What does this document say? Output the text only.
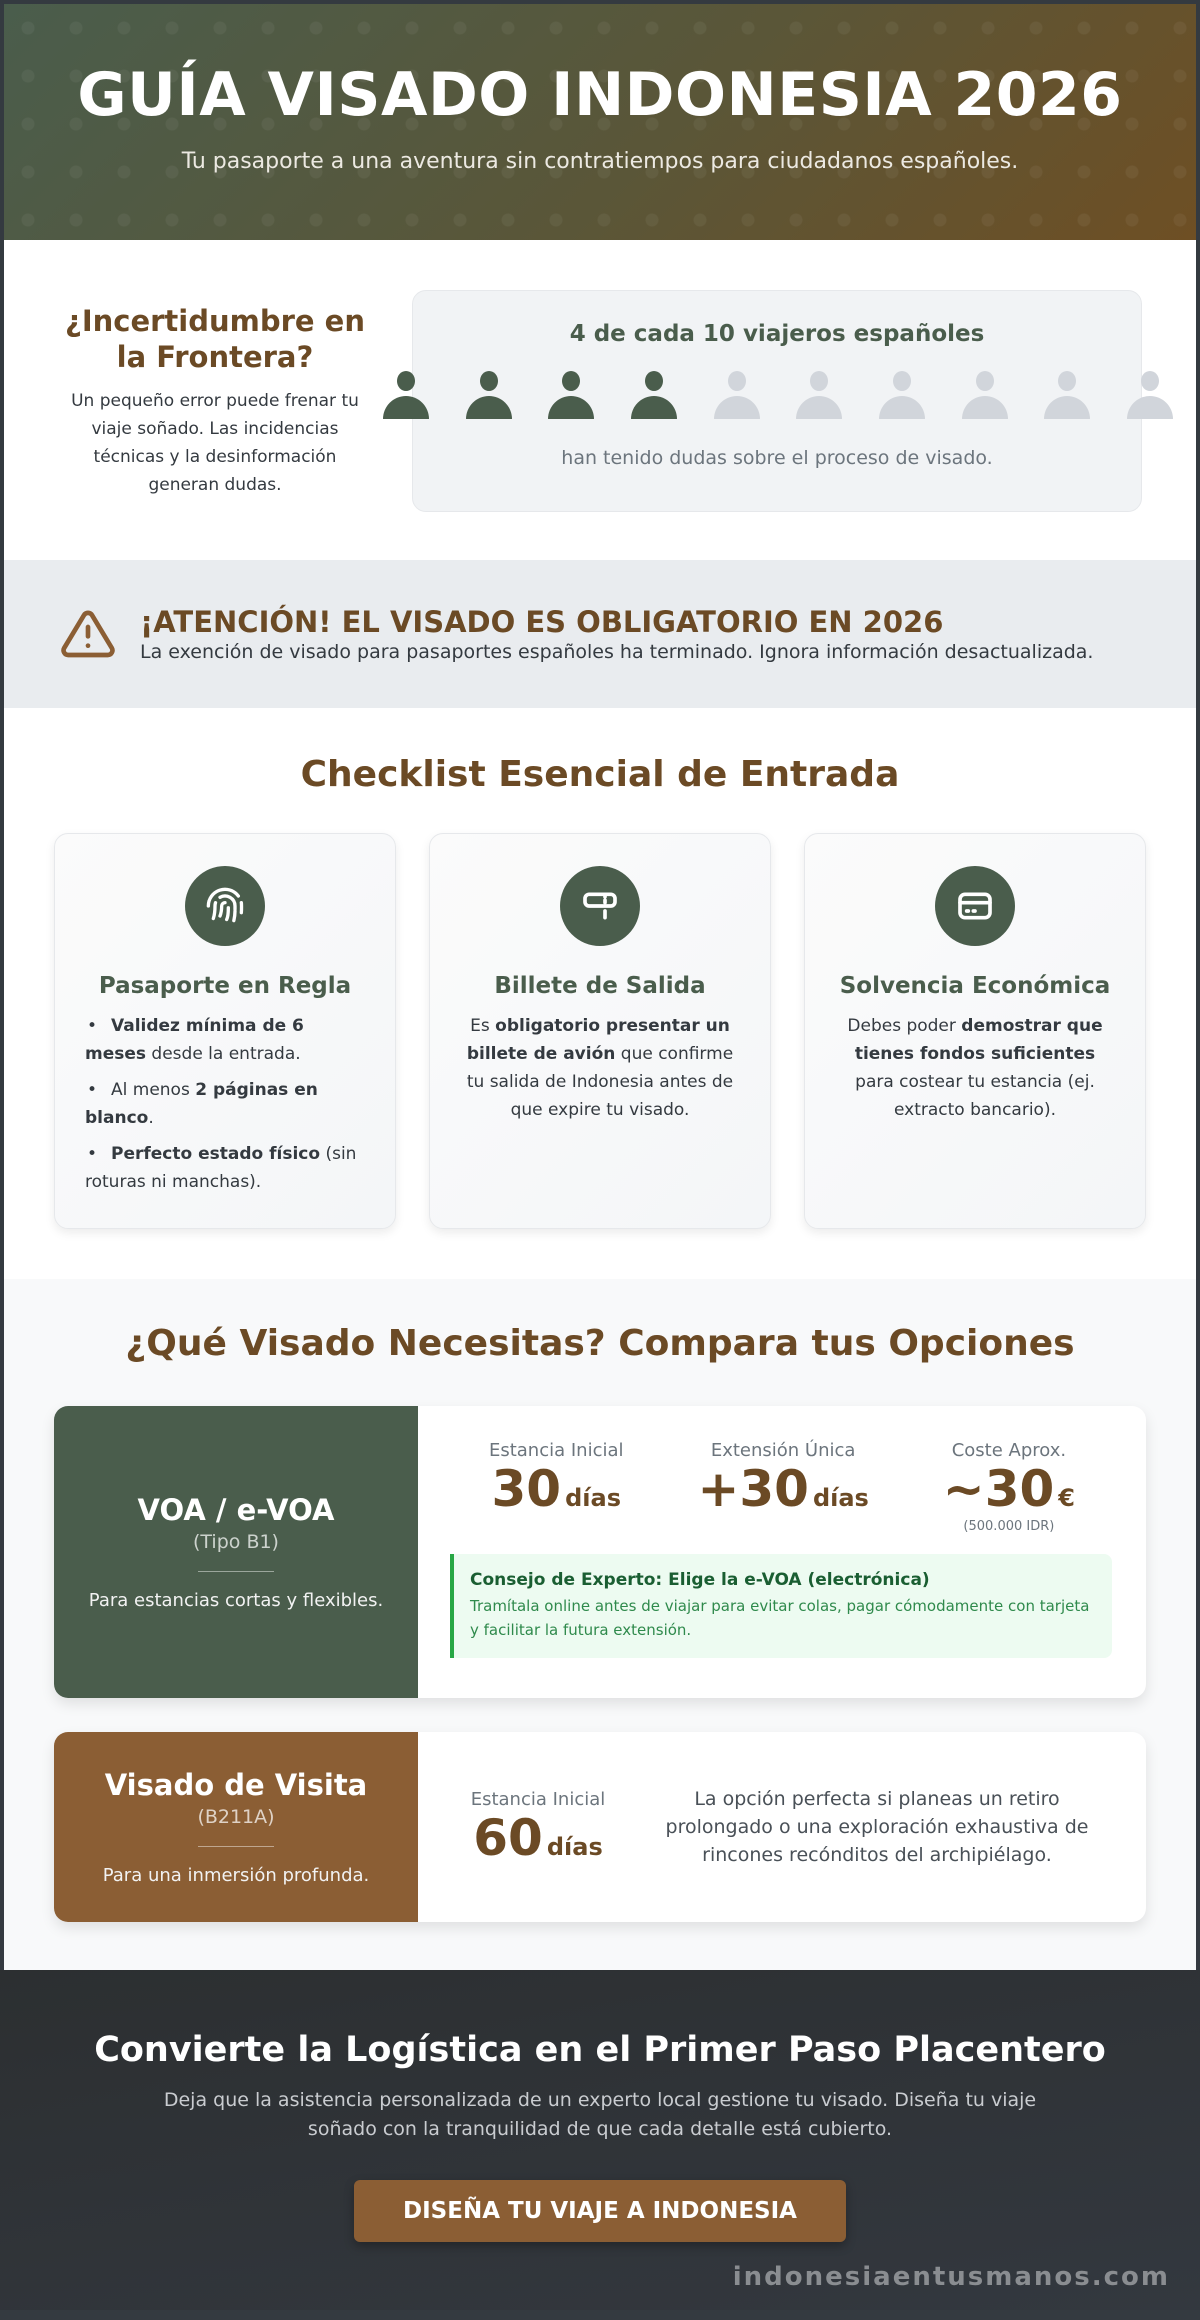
GUÍA VISADO INDONESIA 2026

Tu pasaporte a una aventura sin contratiempos para ciudadanos españoles.

¿Incertidumbre en la Frontera?

Un pequeño error puede frenar tu viaje soñado. Las incidencias técnicas y la desinformación generan dudas.

4 de cada 10 viajeros españoles

han tenido dudas sobre el proceso de visado.

¡ATENCIÓN! EL VISADO ES OBLIGATORIO EN 2026

La exención de visado para pasaportes españoles ha terminado. Ignora información desactualizada.

Checklist Esencial de Entrada
Pasaporte en Regla
• Validez mínima de 6 meses desde la entrada.
• Al menos 2 páginas en blanco.
• Perfecto estado físico (sin roturas ni manchas).
Billete de Salida

Es obligatorio presentar un billete de avión que confirme tu salida de Indonesia antes de que expire tu visado.

Solvencia Económica

Debes poder demostrar que tienes fondos suficientes para costear tu estancia (ej. extracto bancario).

¿Qué Visado Necesitas? Compara tus Opciones
VOA / e-VOA
(Tipo B1)
Para estancias cortas y flexibles.
Estancia Inicial
30 días
Extensión Única
+30 días
Coste Aprox.
~30 €
(500.000 IDR)
Consejo de Experto: Elige la e-VOA (electrónica)

Tramítala online antes de viajar para evitar colas, pagar cómodamente con tarjeta y facilitar la futura extensión.

Visado de Visita
(B211A)
Para una inmersión profunda.
Estancia Inicial
60 días

La opción perfecta si planeas un retiro prolongado o una exploración exhaustiva de rincones recónditos del archipiélago.

Convierte la Logística en el Primer Paso Placentero

Deja que la asistencia personalizada de un experto local gestione tu visado. Diseña tu viaje soñado con la tranquilidad de que cada detalle está cubierto.

DISEÑA TU VIAJE A INDONESIA
indonesiaentusmanos.com
